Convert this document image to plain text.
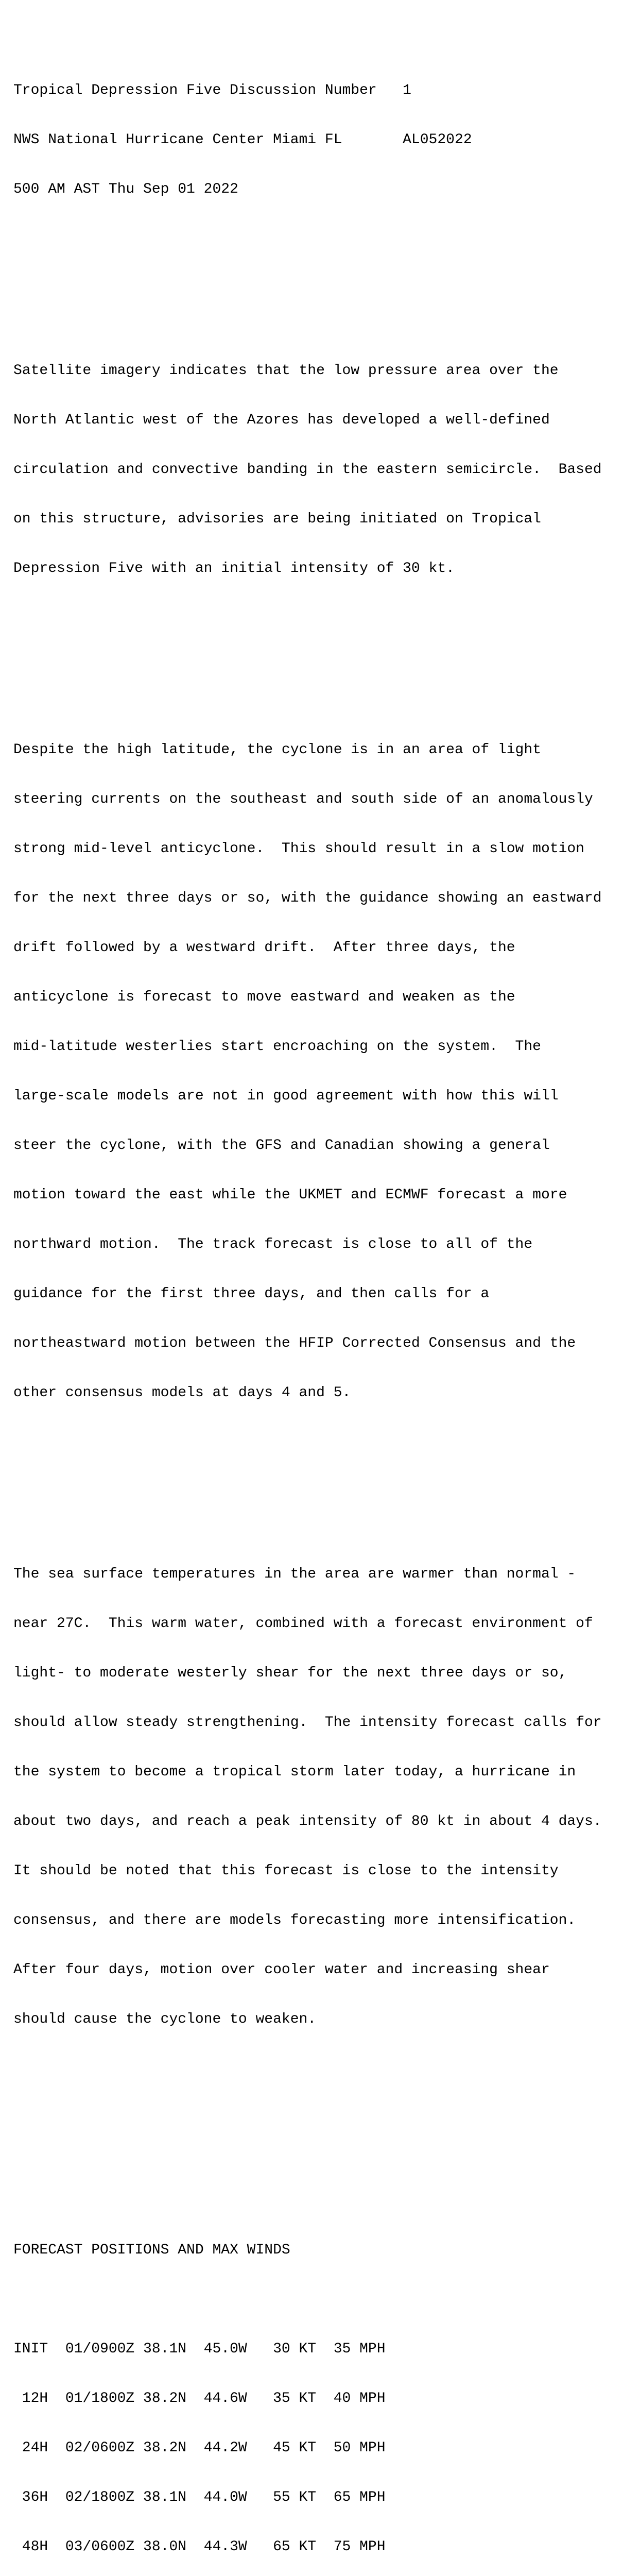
Tropical Depression Five Discussion Number   1

NWS National Hurricane Center Miami FL       AL052022

500 AM AST Thu Sep 01 2022

Satellite imagery indicates that the low pressure area over the

North Atlantic west of the Azores has developed a well-defined

circulation and convective banding in the eastern semicircle.  Based

on this structure, advisories are being initiated on Tropical

Depression Five with an initial intensity of 30 kt.

Despite the high latitude, the cyclone is in an area of light

steering currents on the southeast and south side of an anomalously

strong mid-level anticyclone.  This should result in a slow motion

for the next three days or so, with the guidance showing an eastward

drift followed by a westward drift.  After three days, the

anticyclone is forecast to move eastward and weaken as the

mid-latitude westerlies start encroaching on the system.  The

large-scale models are not in good agreement with how this will

steer the cyclone, with the GFS and Canadian showing a general

motion toward the east while the UKMET and ECMWF forecast a more

northward motion.  The track forecast is close to all of the

guidance for the first three days, and then calls for a

northeastward motion between the HFIP Corrected Consensus and the

other consensus models at days 4 and 5.

The sea surface temperatures in the area are warmer than normal -

near 27C.  This warm water, combined with a forecast environment of

light- to moderate westerly shear for the next three days or so,

should allow steady strengthening.  The intensity forecast calls for

the system to become a tropical storm later today, a hurricane in

about two days, and reach a peak intensity of 80 kt in about 4 days.

It should be noted that this forecast is close to the intensity

consensus, and there are models forecasting more intensification.

After four days, motion over cooler water and increasing shear

should cause the cyclone to weaken.

FORECAST POSITIONS AND MAX WINDS

INIT  01/0900Z 38.1N  45.0W   30 KT  35 MPH

12H  01/1800Z 38.2N  44.6W   35 KT  40 MPH

24H  02/0600Z 38.2N  44.2W   45 KT  50 MPH

36H  02/1800Z 38.1N  44.0W   55 KT  65 MPH

48H  03/0600Z 38.0N  44.3W   65 KT  75 MPH
